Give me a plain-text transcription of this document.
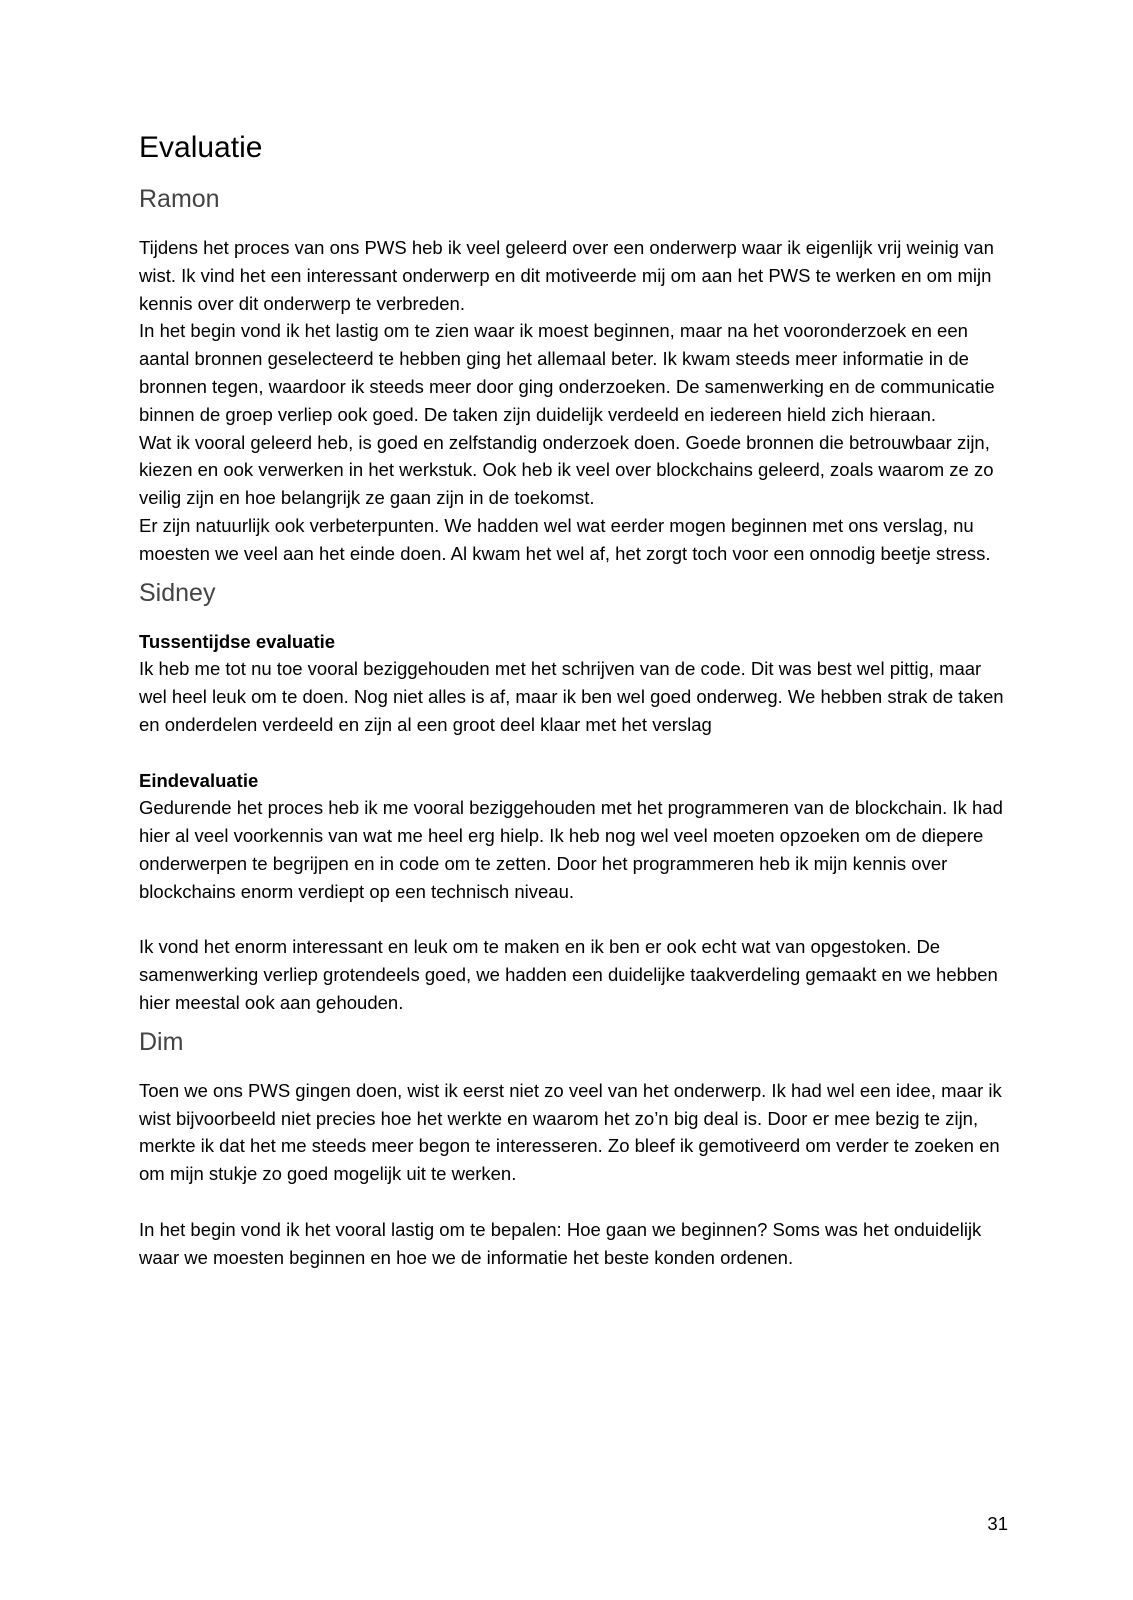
Evaluatie
Ramon

Tijdens het proces van ons PWS heb ik veel geleerd over een onderwerp waar ik eigenlijk vrij weinig van wist. Ik vind het een interessant onderwerp en dit motiveerde mij om aan het PWS te werken en om mijn kennis over dit onderwerp te verbreden.

In het begin vond ik het lastig om te zien waar ik moest beginnen, maar na het vooronderzoek en een aantal bronnen geselecteerd te hebben ging het allemaal beter. Ik kwam steeds meer informatie in de bronnen tegen, waardoor ik steeds meer door ging onderzoeken. De samenwerking en de communicatie binnen de groep verliep ook goed. De taken zijn duidelijk verdeeld en iedereen hield zich hieraan.

Wat ik vooral geleerd heb, is goed en zelfstandig onderzoek doen. Goede bronnen die betrouwbaar zijn, kiezen en ook verwerken in het werkstuk. Ook heb ik veel over blockchains geleerd, zoals waarom ze zo veilig zijn en hoe belangrijk ze gaan zijn in de toekomst.

Er zijn natuurlijk ook verbeterpunten. We hadden wel wat eerder mogen beginnen met ons verslag, nu moesten we veel aan het einde doen. Al kwam het wel af, het zorgt toch voor een onnodig beetje stress.

Sidney

Tussentijdse evaluatie

Ik heb me tot nu toe vooral beziggehouden met het schrijven van de code. Dit was best wel pittig, maar wel heel leuk om te doen. Nog niet alles is af, maar ik ben wel goed onderweg. We hebben strak de taken en onderdelen verdeeld en zijn al een groot deel klaar met het verslag

Eindevaluatie

Gedurende het proces heb ik me vooral beziggehouden met het programmeren van de blockchain. Ik had hier al veel voorkennis van wat me heel erg hielp. Ik heb nog wel veel moeten opzoeken om de diepere onderwerpen te begrijpen en in code om te zetten. Door het programmeren heb ik mijn kennis over blockchains enorm verdiept op een technisch niveau.

Ik vond het enorm interessant en leuk om te maken en ik ben er ook echt wat van opgestoken. De samenwerking verliep grotendeels goed, we hadden een duidelijke taakverdeling gemaakt en we hebben hier meestal ook aan gehouden.

Dim

Toen we ons PWS gingen doen, wist ik eerst niet zo veel van het onderwerp. Ik had wel een idee, maar ik wist bijvoorbeeld niet precies hoe het werkte en waarom het zo’n big deal is. Door er mee bezig te zijn, merkte ik dat het me steeds meer begon te interesseren. Zo bleef ik gemotiveerd om verder te zoeken en om mijn stukje zo goed mogelijk uit te werken.

In het begin vond ik het vooral lastig om te bepalen: Hoe gaan we beginnen? Soms was het onduidelijk waar we moesten beginnen en hoe we de informatie het beste konden ordenen.

31
